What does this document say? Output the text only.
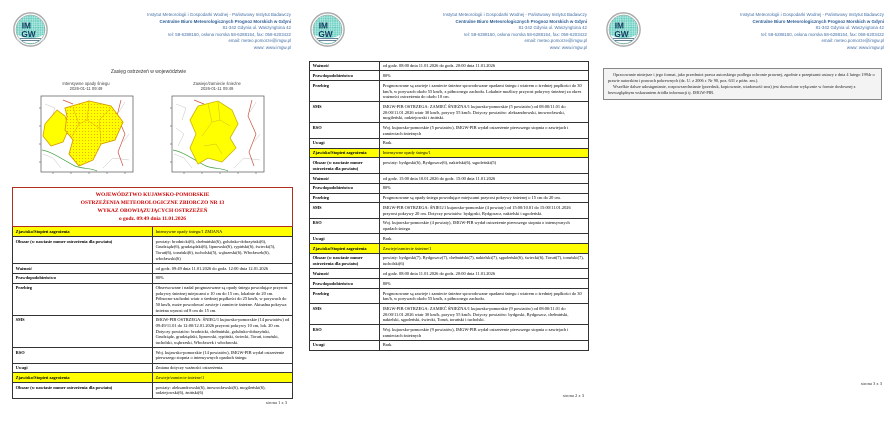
IM
GW
Instytut Meteorologii i Gospodarki Wodnej - Państwowy Instytut Badawczy
Centralne Biuro Meteorologicznych Prognoz Morskich w Gdyni
81-342 Gdynia ul. Waszyngtona 42
tel: 58-6288150, osłona morska 58-6288154, fax: 058-6203422
email: meteo.pomorze@imgw.pl
www: www.imgw.pl
Zasięg ostrzeżeń w województwie
Intensywne opady śniegu
2026-01-11 09:49
Zawieje/zamiecie śnieżne
2026-01-11 09:49
WOJEWÓDZTWO KUJAWSKO-POMORSKIE
OSTRZEŻENIA METEOROLOGICZNE ZBIORCZO NR 13
WYKAZ OBOWIĄZUJĄCYCH OSTRZEŻEŃ
o godz. 09:49 dnia 11.01.2026	

Zjawisko/Stopień zagrożenia	Intensywne opady śniegu/1 ZMIANA
Obszar (w nawiasie numer ostrzeżenia dla powiatu)	powiaty: brodnicki(6), chełmiński(6), golubsko-dobrzyński(6), Grudziądz(6), grudziądzki(6), lipnowski(6), rypiński(6), świecki(5), Toruń(6), toruński(6), tucholski(5), wąbrzeski(6), Włocławek(6), włocławski(6)
Ważność	od godz. 09:49 dnia 11.01.2026 do godz. 12:00 dnia 12.01.2026
Prawdopodobieństwo	80%
Przebieg	Obserwowane i nadal prognozowane są opady śniegu powodujące przyrost pokrywy śnieżnej miejscami o 10 cm do 15 cm, lokalnie do 20 cm. Północno-zachodni wiatr o średniej prędkości do 25 km/h, w porywach do 50 km/h, może powodować zawieje i zamiecie śnieżne. Aktualna pokrywa śnieżna wynosi od 8 cm do 15 cm.
SMS	IMGW-PIB OSTRZEGA: ŚNIEG/1 kujawsko-pomorskie (14 powiatów) od 09:49/11.01 do 12:00/12.01.2026 przyrost pokrywy 10 cm, lok. 20 cm. Dotyczy powiatów: brodnicki, chełmiński, golubsko-dobrzyński, Grudziądz, grudziądzki, lipnowski, rypiński, świecki, Toruń, toruński, tucholski, wąbrzeski, Włocławek i włocławski.
RSO	Woj. kujawsko-pomorskie (14 powiatów), IMGW-PIB wydał ostrzeżenie pierwszego stopnia o intensywnych opadach śniegu
Uwagi	Zmiana dotyczy ważności ostrzeżenia.
Zjawisko/Stopień zagrożenia	Zawieje/zamiecie śnieżne/1
Obszar (w nawiasie numer ostrzeżenia dla powiatu)	powiaty: aleksandrowski(6), inowrocławski(6), mogileński(6), radziejowski(6), żniński(6)
strona 1 z 3
IM
GW
Instytut Meteorologii i Gospodarki Wodnej - Państwowy Instytut Badawczy
Centralne Biuro Meteorologicznych Prognoz Morskich w Gdyni
81-342 Gdynia ul. Waszyngtona 42
tel: 58-6288150, osłona morska 58-6288154, fax: 058-6203422
email: meteo.pomorze@imgw.pl
www: www.imgw.pl
Ważność	od godz. 08:00 dnia 11.01.2026 do godz. 20:00 dnia 11.01.2026
Prawdopodobieństwo	80%
Przebieg	Prognozowane są zawieje i zamiecie śnieżne spowodowane opadami śniegu i wiatrem o średniej prędkości do 30 km/h, w porywach około 55 km/h, z północnego zachodu. Lokalnie możliwy przyrost pokrywy śnieżnej za okres ważności ostrzeżenia do około 10 cm.
SMS	IMGW-PIB OSTRZEGA: ZAMIEĆ ŚNIEŻNA/1 kujawsko-pomorskie (5 powiatów) od 08:00/11.01 do 20:00/11.01.2026 wiatr 30 km/h, porywy 55 km/h. Dotyczy powiatów: aleksandrowski, inowrocławski, mogileński, radziejowski i żniński.
RSO	Woj. kujawsko-pomorskie (5 powiatów), IMGW-PIB wydał ostrzeżenie pierwszego stopnia o zawiejach i zamieciach śnieżnych
Uwagi	Brak.
Zjawisko/Stopień zagrożenia	Intensywne opady śniegu/1
Obszar (w nawiasie numer ostrzeżenia dla powiatu)	powiaty: bydgoski(6), Bydgoszcz(6), nakielski(6), sępoleński(5)
Ważność	od godz. 15:00 dnia 10.01.2026 do godz. 15:00 dnia 11.01.2026
Prawdopodobieństwo	80%
Przebieg	Prognozowane są opady śniegu powodujące miejscami przyrost pokrywy śnieżnej o 15 cm do 20 cm.
SMS	IMGW-PIB OSTRZEGA: ŚNIEG/1 kujawsko-pomorskie (4 powiaty) od 15:00/10.01 do 15:00/11.01.2026 przyrost pokrywy 20 cm. Dotyczy powiatów: bydgoski, Bydgoszcz, nakielski i sępoleński.
RSO	Woj. kujawsko-pomorskie (4 powiaty), IMGW-PIB wydał ostrzeżenie pierwszego stopnia o intensywnych opadach śniegu
Uwagi	Brak.
Zjawisko/Stopień zagrożenia	Zawieje/zamiecie śnieżne/1
Obszar (w nawiasie numer ostrzeżenia dla powiatu)	powiaty: bydgoski(7), Bydgoszcz(7), chełmiński(7), nakielski(7), sępoleński(6), świecki(6), Toruń(7), toruński(7), tucholski(6)
Ważność	od godz. 08:00 dnia 11.01.2026 do godz. 20:00 dnia 11.01.2026
Prawdopodobieństwo	80%
Przebieg	Prognozowane są zawieje i zamiecie śnieżne spowodowane opadami śniegu i wiatrem o średniej prędkości do 30 km/h, w porywach około 55 km/h, z północnego zachodu.
SMS	IMGW-PIB OSTRZEGA: ZAMIEĆ ŚNIEŻNA/1 kujawsko-pomorskie (9 powiatów) od 08:00/11.01 do 20:00/11.01.2026 wiatr 30 km/h, porywy 55 km/h. Dotyczy powiatów: bydgoski, Bydgoszcz, chełmiński, nakielski, sępoleński, świecki, Toruń, toruński i tucholski.
RSO	Woj. kujawsko-pomorskie (9 powiatów), IMGW-PIB wydał ostrzeżenie pierwszego stopnia o zawiejach i zamieciach śnieżnych
Uwagi	Brak.
strona 2 z 3
IM
GW
Instytut Meteorologii i Gospodarki Wodnej - Państwowy Instytut Badawczy
Centralne Biuro Meteorologicznych Prognoz Morskich w Gdyni
81-342 Gdynia ul. Waszyngtona 42
tel: 58-6288150, osłona morska 58-6288154, fax: 058-6203422
email: meteo.pomorze@imgw.pl
www: www.imgw.pl

Opracowanie niniejsze i jego format, jako przedmiot prawa autorskiego podlega ochronie prawnej, zgodnie z przepisami ustawy z dnia 4 lutego 1994r o prawie autorskim i prawach pokrewnych (dz. U. z 2006 r. Nr 90, poz. 631 z późn. zm.).

Wszelkie dalsze udostępnianie, rozpowszechnianie (przedruk, kopiowanie, wiadomość sms) jest dozwolone wyłącznie w formie dosłownej z bezwzględnym wskazaniem źródła informacji tj. IMGW-PIB.

strona 3 z 3
